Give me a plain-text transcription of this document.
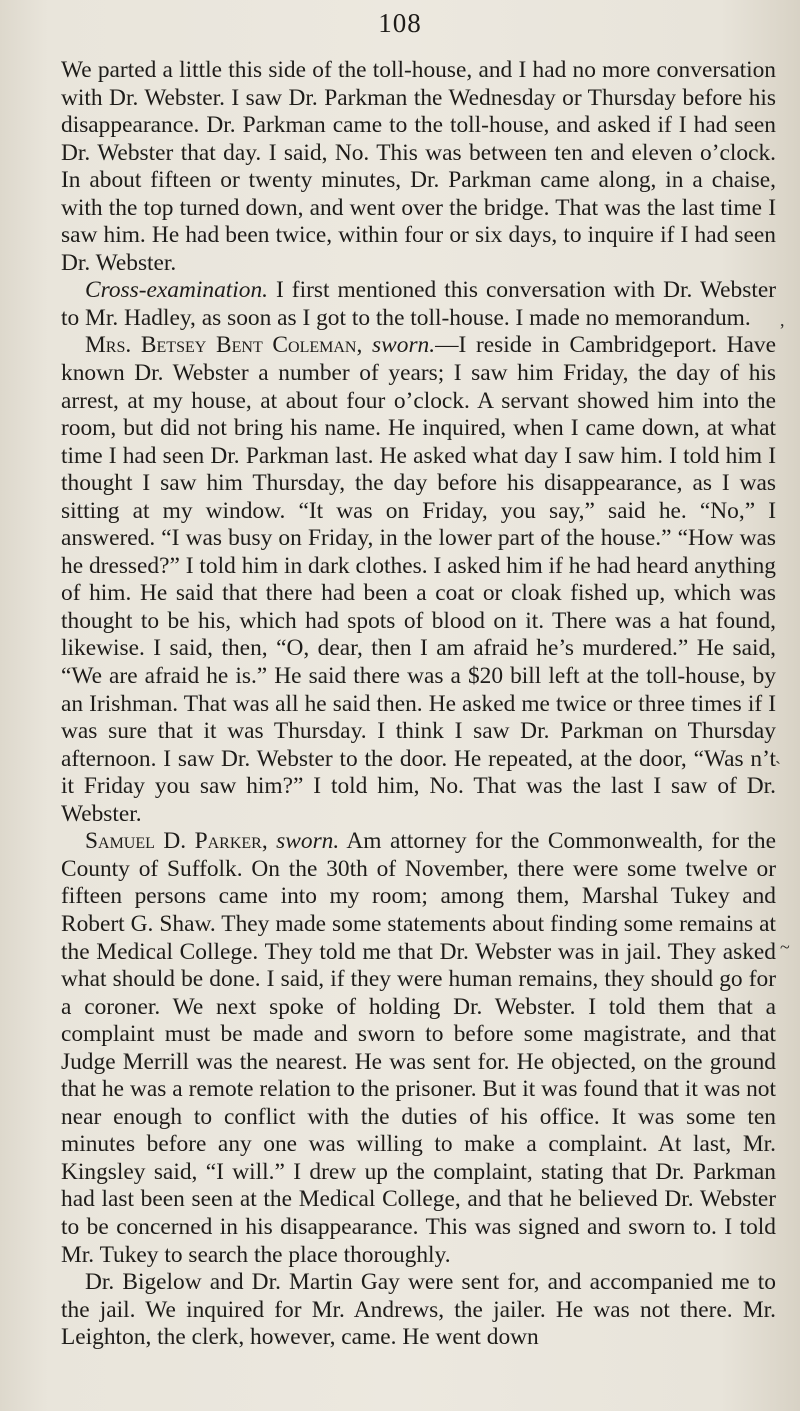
108

We parted a little this side of the toll-house, and I had no more conversation with Dr. Webster. I saw Dr. Parkman the Wednesday or Thursday before his disappearance. Dr. Parkman came to the toll-house, and asked if I had seen Dr. Webster that day. I said, No. This was between ten and eleven o’clock. In about fifteen or twenty minutes, Dr. Parkman came along, in a chaise, with the top turned down, and went over the bridge. That was the last time I saw him. He had been twice, within four or six days, to inquire if I had seen Dr. Webster.

Cross-examination. I first mentioned this conversation with Dr. Webster to Mr. Hadley, as soon as I got to the toll-house. I made no memorandum.

Mrs. Betsey Bent Coleman, sworn.—I reside in Cambridgeport. Have known Dr. Webster a number of years; I saw him Friday, the day of his arrest, at my house, at about four o’clock. A servant showed him into the room, but did not bring his name. He inquired, when I came down, at what time I had seen Dr. Parkman last. He asked what day I saw him. I told him I thought I saw him Thursday, the day before his disappearance, as I was sitting at my window. “It was on Friday, you say,” said he. “No,” I answered. “I was busy on Friday, in the lower part of the house.” “How was he dressed?” I told him in dark clothes. I asked him if he had heard anything of him. He said that there had been a coat or cloak fished up, which was thought to be his, which had spots of blood on it. There was a hat found, likewise. I said, then, “O, dear, then I am afraid he’s murdered.” He said, “We are afraid he is.” He said there was a $20 bill left at the toll-house, by an Irishman. That was all he said then. He asked me twice or three times if I was sure that it was Thursday. I think I saw Dr. Parkman on Thursday afternoon. I saw Dr. Webster to the door. He repeated, at the door, “Was n’t it Friday you saw him?” I told him, No. That was the last I saw of Dr. Webster.

Samuel D. Parker, sworn. Am attorney for the Commonwealth, for the County of Suffolk. On the 30th of November, there were some twelve or fifteen persons came into my room; among them, Marshal Tukey and Robert G. Shaw. They made some statements about finding some remains at the Medical College. They told me that Dr. Webster was in jail. They asked what should be done. I said, if they were human remains, they should go for a coroner. We next spoke of holding Dr. Webster. I told them that a complaint must be made and sworn to before some magistrate, and that Judge Merrill was the nearest. He was sent for. He objected, on the ground that he was a remote relation to the prisoner. But it was found that it was not near enough to conflict with the duties of his office. It was some ten minutes before any one was willing to make a complaint. At last, Mr. Kingsley said, “I will.” I drew up the complaint, stating that Dr. Parkman had last been seen at the Medical College, and that he believed Dr. Webster to be concerned in his disappearance. This was signed and sworn to. I told Mr. Tukey to search the place thoroughly.

Dr. Bigelow and Dr. Martin Gay were sent for, and accompanied me to the jail. We inquired for Mr. Andrews, the jailer. He was not there. Mr. Leighton, the clerk, however, came. He went down

,
`
~
